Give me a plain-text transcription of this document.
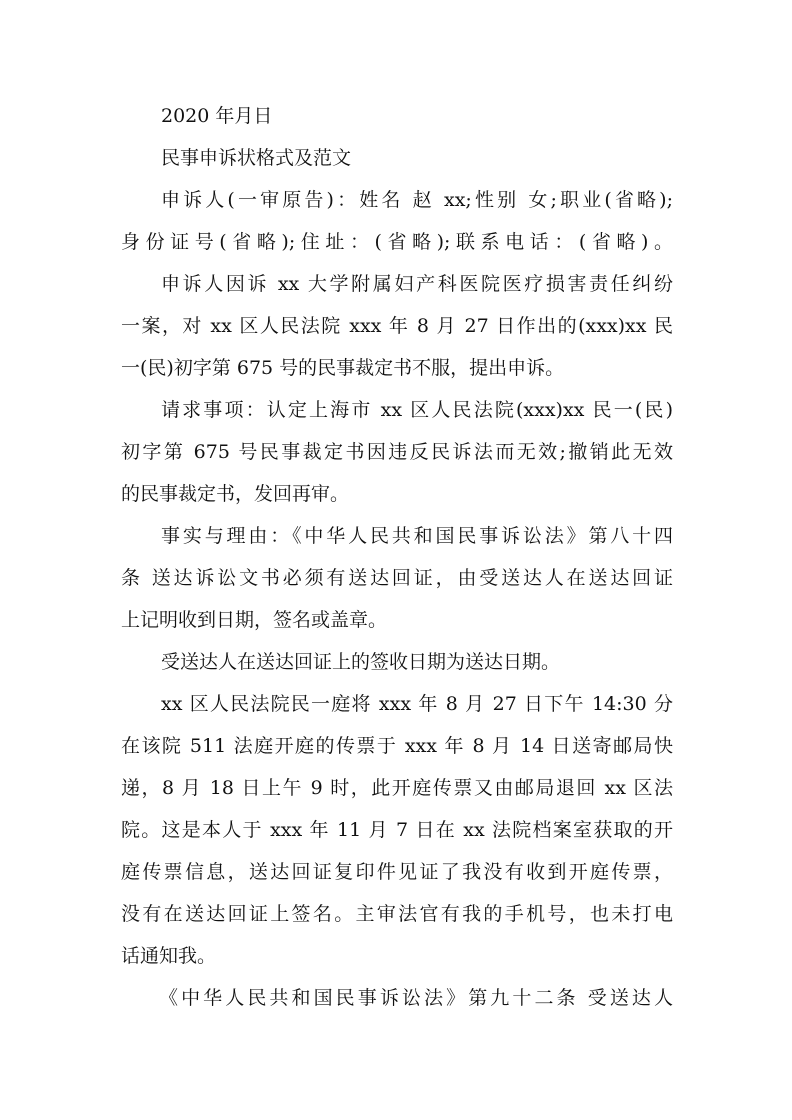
2020 年月日
民事申诉状格式及范文
申诉人(一审原告)：姓名 赵 xx;性别 女;职业(省略);
身份证号(省略);住址：(省略);联系电话：(省略)。
申诉人因诉 xx 大学附属妇产科医院医疗损害责任纠纷
一案，对 xx 区人民法院 xxx 年 8 月 27 日作出的(xxx)xx 民
一(民)初字第 675 号的民事裁定书不服，提出申诉。
请求事项：认定上海市 xx 区人民法院(xxx)xx 民一(民)
初字第 675 号民事裁定书因违反民诉法而无效;撤销此无效
的民事裁定书，发回再审。
事实与理由：《中华人民共和国民事诉讼法》第八十四
条 送达诉讼文书必须有送达回证，由受送达人在送达回证
上记明收到日期，签名或盖章。
受送达人在送达回证上的签收日期为送达日期。
xx 区人民法院民一庭将 xxx 年 8 月 27 日下午 14:30 分
在该院 511 法庭开庭的传票于 xxx 年 8 月 14 日送寄邮局快
递，8 月 18 日上午 9 时，此开庭传票又由邮局退回 xx 区法
院。这是本人于 xxx 年 11 月 7 日在 xx 法院档案室获取的开
庭传票信息，送达回证复印件见证了我没有收到开庭传票，
没有在送达回证上签名。主审法官有我的手机号，也未打电
话通知我。
《中华人民共和国民事诉讼法》第九十二条 受送达人
